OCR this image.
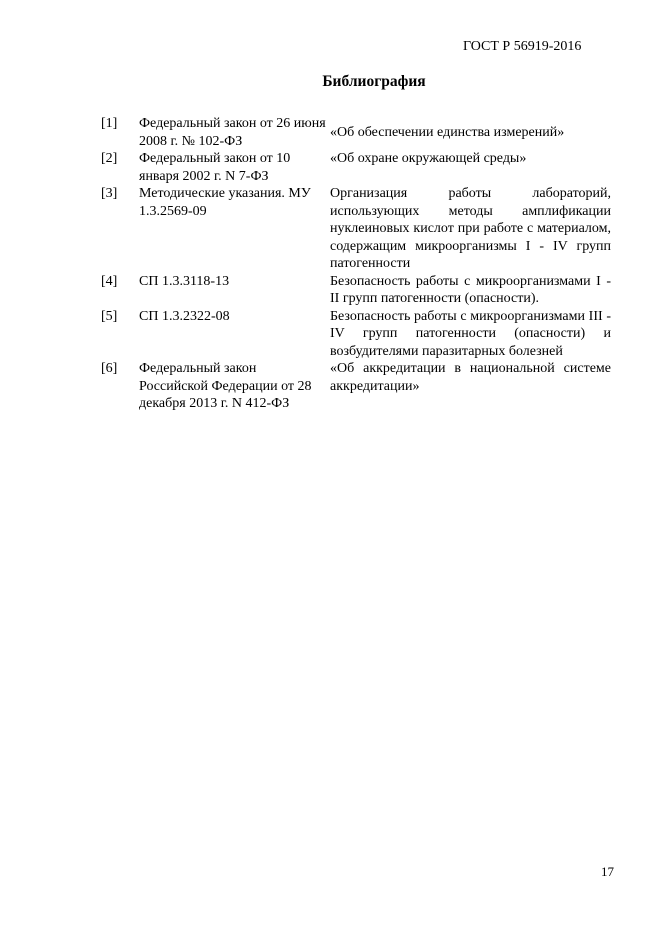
ГОСТ Р 56919-2016
Библиография
[1]	Федеральный закон от 26 июня 2008 г. № 102-ФЗ	«Об обеспечении единства измерений»
[2]	Федеральный закон от 10 января 2002 г. N 7-ФЗ	«Об охране окружающей среды»
[3]	Методические указания. МУ 1.3.2569-09	Организация работы лабораторий, использующих методы амплификации нуклеиновых кислот при работе с материалом, содержащим микроорганизмы I - IV групп патогенности
[4]	СП 1.3.3118-13	Безопасность работы с микроорганизмами I - II групп патогенности (опасности).
[5]	СП 1.3.2322-08	Безопасность работы с микроорганизмами III - IV групп патогенности (опасности) и возбудителями паразитарных болезней
[6]	Федеральный закон Российской Федерации от 28 декабря 2013 г. N 412-ФЗ	«Об аккредитации в национальной системе аккредитации»
17
